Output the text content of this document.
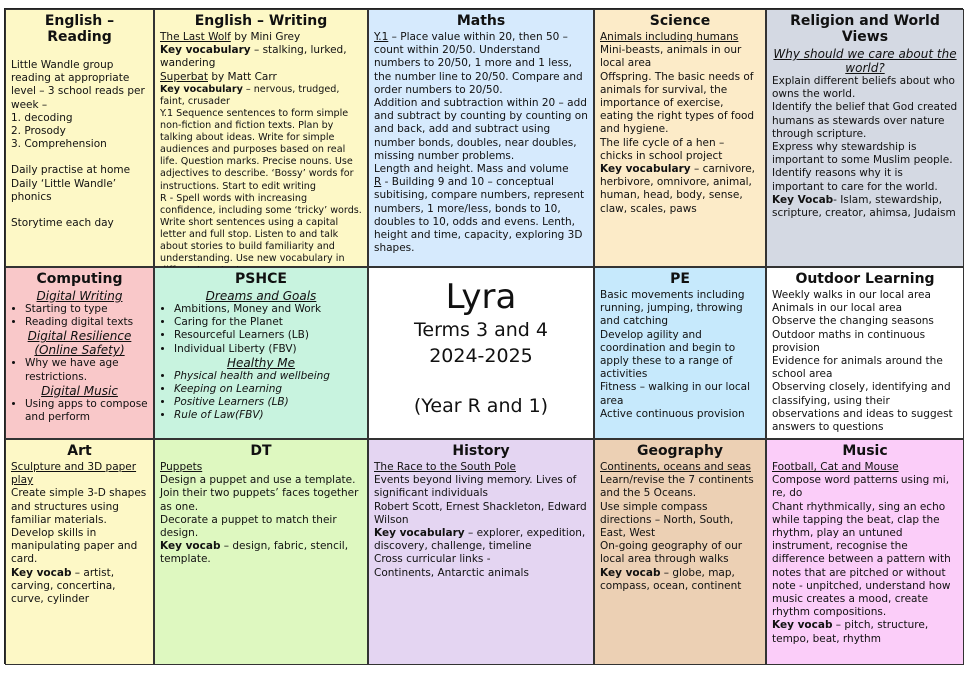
English – Reading

Little Wandle group reading at appropriate level – 3 school reads per week –

1. decoding

2. Prosody

3. Comprehension

Daily practise at home

Daily ‘Little Wandle’ phonics

Storytime each day

English – Writing

The Last Wolf by Mini Grey

Key vocabulary – stalking, lurked, wandering

Superbat by Matt Carr

Key vocabulary – nervous, trudged, faint, crusader

Y.1 Sequence sentences to form simple non-fiction and fiction texts. Plan by talking about ideas. Write for simple audiences and purposes based on real life. Question marks. Precise nouns. Use adjectives to describe. ‘Bossy’ words for instructions. Start to edit writing

R - Spell words with increasing confidence, including some ‘tricky’ words. Write short sentences using a capital letter and full stop. Listen to and talk about stories to build familiarity and understanding. Use new vocabulary in

Maths

Y.1 – Place value within 20, then 50 – count within 20/50. Understand numbers to 20/50, 1 more and 1 less, the number line to 20/50. Compare and order numbers to 20/50.

Addition and subtraction within 20 – add and subtract by counting by counting on and back, add and subtract using number bonds, doubles, near doubles, missing number problems.

Length and height. Mass and volume

R - Building 9 and 10 – conceptual subitising, compare numbers, represent numbers, 1 more/less, bonds to 10, doubles to 10, odds and evens. Lenth, height and time, capacity, exploring 3D shapes.

Science

Animals including humans

Mini-beasts, animals in our local area

Offspring. The basic needs of animals for survival, the importance of exercise, eating the right types of food and hygiene.

The life cycle of a hen – chicks in school project

Key vocabulary – carnivore, herbivore, omnivore, animal, human, head, body, sense, claw, scales, paws

Religion and World Views

Why should we care about the world?

Explain different beliefs about who owns the world.

Identify the belief that God created humans as stewards over nature through scripture.

Express why stewardship is important to some Muslim people.

Identify reasons why it is important to care for the world.

Key Vocab- Islam, stewardship, scripture, creator, ahimsa, Judaism

Computing

Digital Writing

• Starting to type
• Reading digital texts

Digital Resilience (Online Safety)

• Why we have age restrictions.

Digital Music

• Using apps to compose and perform
PSHCE

Dreams and Goals

• Ambitions, Money and Work
• Caring for the Planet
• Resourceful Learners (LB)
• Individual Liberty (FBV)

Healthy Me

• Physical health and wellbeing
• Keeping on Learning
• Positive Learners (LB)
• Rule of Law(FBV)
Lyra
Terms 3 and 4
2024-2025
(Year R and 1)
PE

Basic movements including running, jumping, throwing and catching

Develop agility and coordination and begin to apply these to a range of activities

Fitness – walking in our local area

Active continuous provision

Outdoor Learning

Weekly walks in our local area

Animals in our local area

Observe the changing seasons

Outdoor maths in continuous provision

Evidence for animals around the school area

Observing closely, identifying and classifying, using their observations and ideas to suggest answers to questions

Art

Sculpture and 3D paper play

Create simple 3-D shapes and structures using familiar materials. Develop skills in manipulating paper and card.

Key vocab – artist, carving, concertina, curve, cylinder

DT

Puppets

Design a puppet and use a template.

Join their two puppets’ faces together as one.

Decorate a puppet to match their design.

Key vocab – design, fabric, stencil, template.

History

The Race to the South Pole

Events beyond living memory. Lives of significant individuals

Robert Scott, Ernest Shackleton, Edward Wilson

Key vocabulary – explorer, expedition, discovery, challenge, timeline

Cross curricular links -

Continents, Antarctic animals

Geography

Continents, oceans and seas

Learn/revise the 7 continents and the 5 Oceans.

Use simple compass directions – North, South, East, West

On-going geography of our local area through walks

Key vocab – globe, map, compass, ocean, continent

Music

Football, Cat and Mouse

Compose word patterns using mi, re, do

Chant rhythmically, sing an echo while tapping the beat, clap the rhythm, play an untuned instrument, recognise the difference between a pattern with notes that are pitched or without note - unpitched, understand how music creates a mood, create rhythm compositions.

Key vocab – pitch, structure, tempo, beat, rhythm
